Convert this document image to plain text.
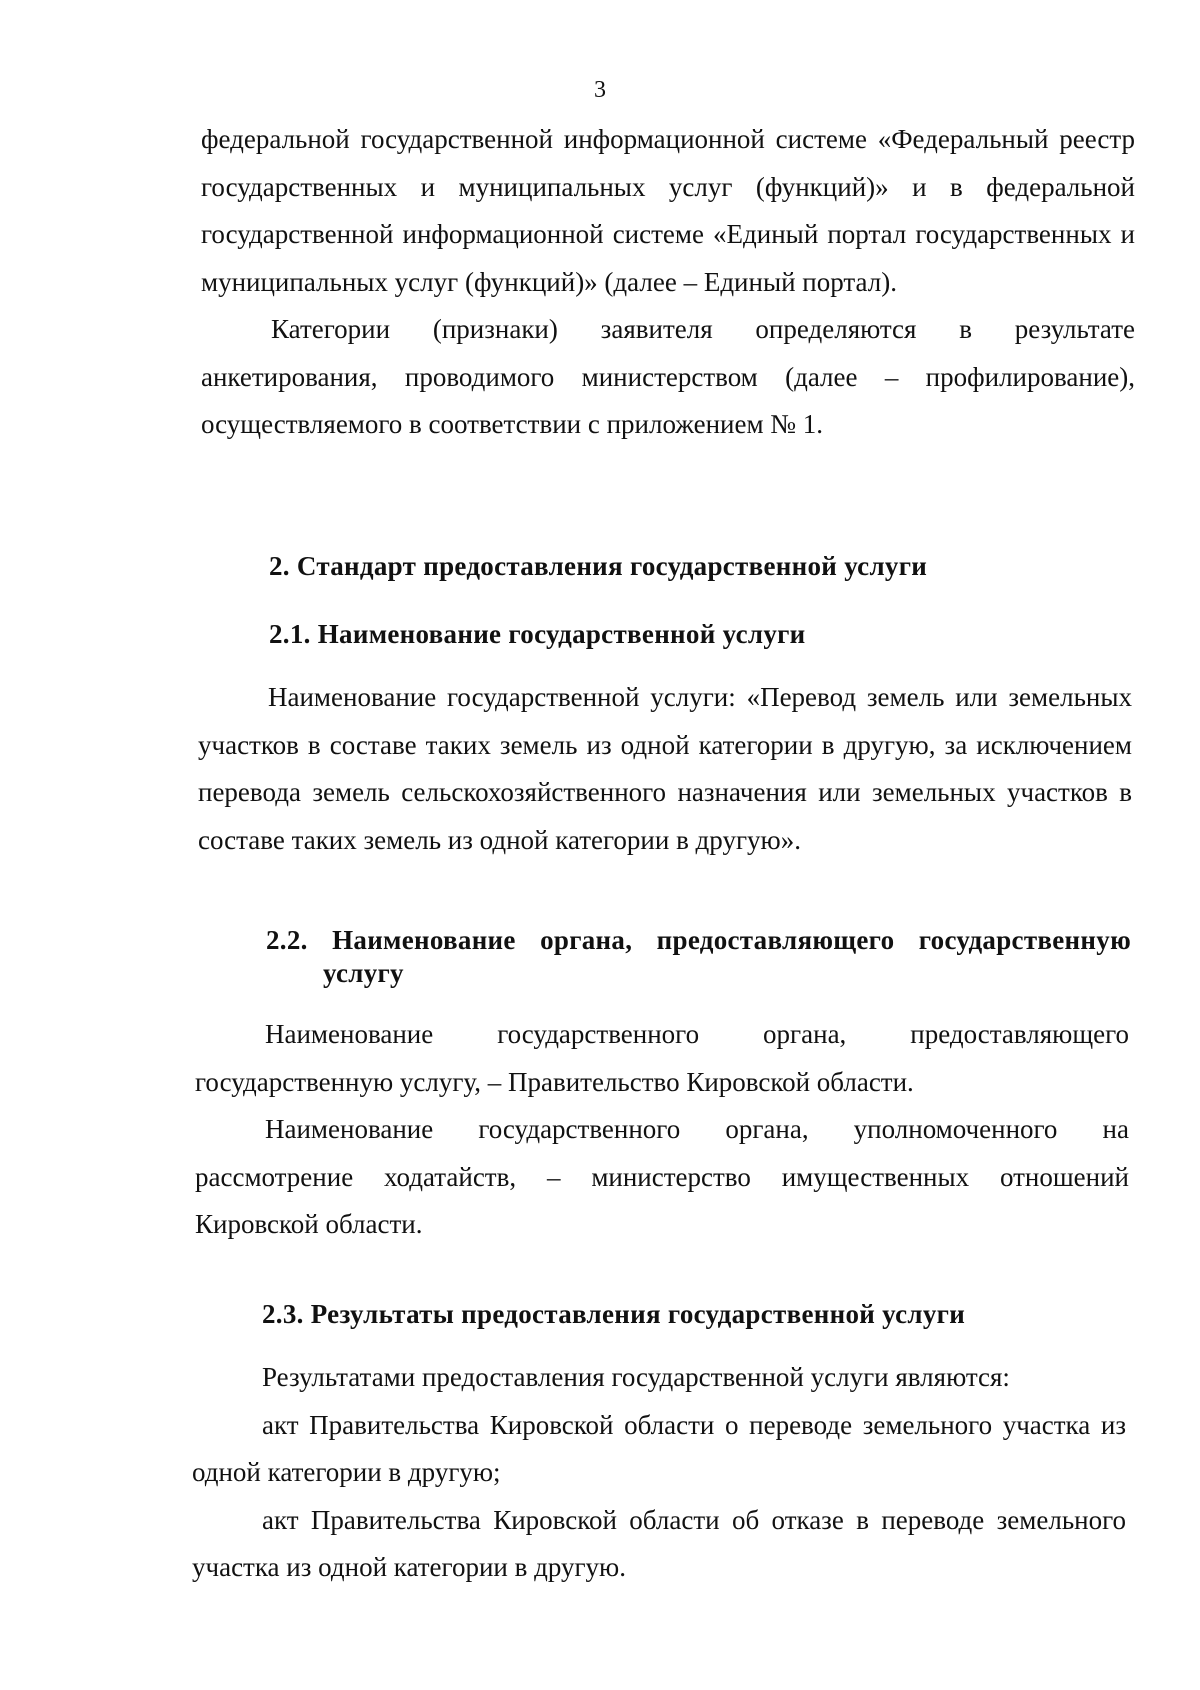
3

федеральной государственной информационной системе «Федеральный реестр государственных и муниципальных услуг (функций)» и в федеральной государственной информационной системе «Единый портал государственных и муниципальных услуг (функций)» (далее – Единый портал).

Категории (признаки) заявителя определяются в результате анкетирования, проводимого министерством (далее – профилирование), осуществляемого в соответствии с приложением № 1.

2. Стандарт предоставления государственной услуги

2.1. Наименование государственной услуги

Наименование государственной услуги: «Перевод земель или земельных участков в составе таких земель из одной категории в другую, за исключением перевода земель сельскохозяйственного назначения или земельных участков в составе таких земель из одной категории в другую».

2.2. Наименование органа, предоставляющего государственную услугу

Наименование государственного органа, предоставляющего государственную услугу, – Правительство Кировской области.

Наименование государственного органа, уполномоченного на рассмотрение ходатайств, – министерство имущественных отношений Кировской области.

2.3. Результаты предоставления государственной услуги

Результатами предоставления государственной услуги являются:

акт Правительства Кировской области о переводе земельного участка из одной категории в другую;

акт Правительства Кировской области об отказе в переводе земельного участка из одной категории в другую.
